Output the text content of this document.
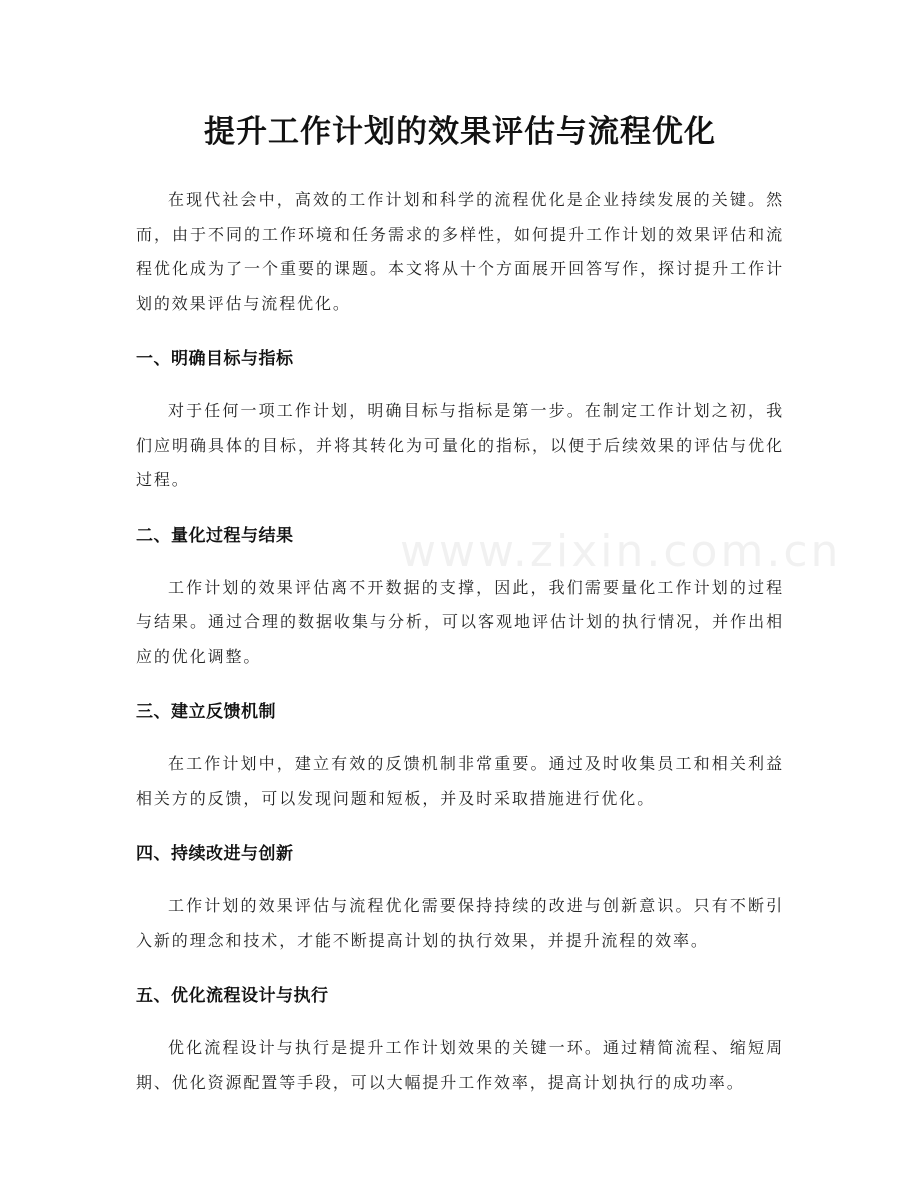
提升工作计划的效果评估与流程优化

在现代社会中，高效的工作计划和科学的流程优化是企业持续发展的关键。然而，由于不同的工作环境和任务需求的多样性，如何提升工作计划的效果评估和流程优化成为了一个重要的课题。本文将从十个方面展开回答写作，探讨提升工作计划的效果评估与流程优化。

一、明确目标与指标

对于任何一项工作计划，明确目标与指标是第一步。在制定工作计划之初，我们应明确具体的目标，并将其转化为可量化的指标，以便于后续效果的评估与优化过程。

二、量化过程与结果

工作计划的效果评估离不开数据的支撑，因此，我们需要量化工作计划的过程与结果。通过合理的数据收集与分析，可以客观地评估计划的执行情况，并作出相应的优化调整。

三、建立反馈机制

在工作计划中，建立有效的反馈机制非常重要。通过及时收集员工和相关利益相关方的反馈，可以发现问题和短板，并及时采取措施进行优化。

四、持续改进与创新

工作计划的效果评估与流程优化需要保持持续的改进与创新意识。只有不断引入新的理念和技术，才能不断提高计划的执行效果，并提升流程的效率。

五、优化流程设计与执行

优化流程设计与执行是提升工作计划效果的关键一环。通过精简流程、缩短周期、优化资源配置等手段，可以大幅提升工作效率，提高计划执行的成功率。

www.zixin.com.cn
